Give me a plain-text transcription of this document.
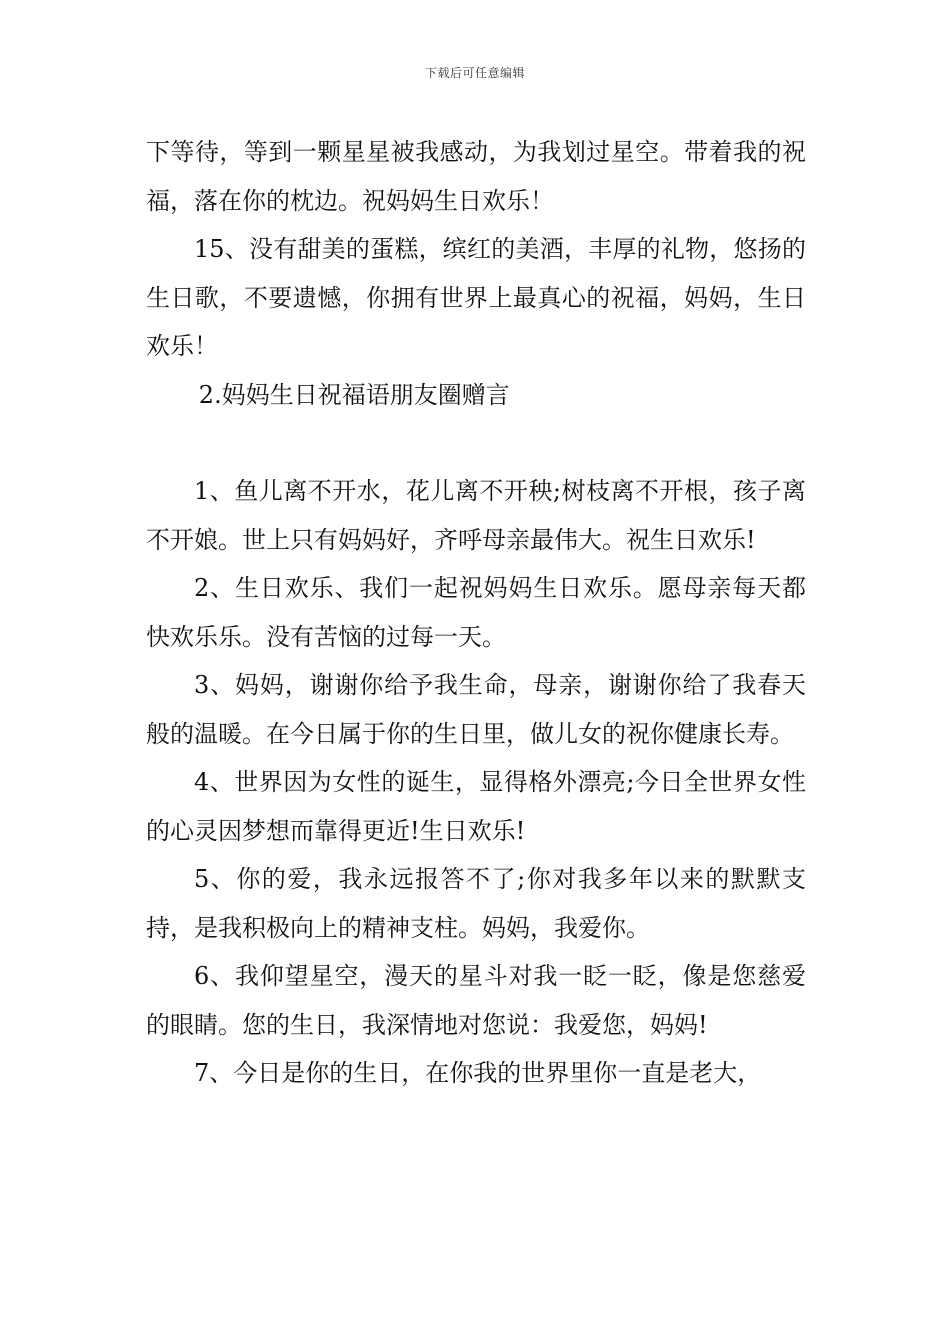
下载后可任意编辑

下等待，等到一颗星星被我感动，为我划过星空。带着我的祝福，落在你的枕边。祝妈妈生日欢乐！

15、没有甜美的蛋糕，缤红的美酒，丰厚的礼物，悠扬的生日歌，不要遗憾，你拥有世界上最真心的祝福，妈妈，生日欢乐！

2.妈妈生日祝福语朋友圈赠言

1、鱼儿离不开水，花儿离不开秧;树枝离不开根，孩子离不开娘。世上只有妈妈好，齐呼母亲最伟大。祝生日欢乐!

2、生日欢乐、我们一起祝妈妈生日欢乐。愿母亲每天都快欢乐乐。没有苦恼的过每一天。

3、妈妈，谢谢你给予我生命，母亲，谢谢你给了我春天般的温暖。在今日属于你的生日里，做儿女的祝你健康长寿。

4、世界因为女性的诞生，显得格外漂亮;今日全世界女性的心灵因梦想而靠得更近!生日欢乐!

5、你的爱，我永远报答不了;你对我多年以来的默默支持，是我积极向上的精神支柱。妈妈，我爱你。

6、我仰望星空，漫天的星斗对我一眨一眨，像是您慈爱的眼睛。您的生日，我深情地对您说：我爱您，妈妈!

7、今日是你的生日，在你我的世界里你一直是老大，
